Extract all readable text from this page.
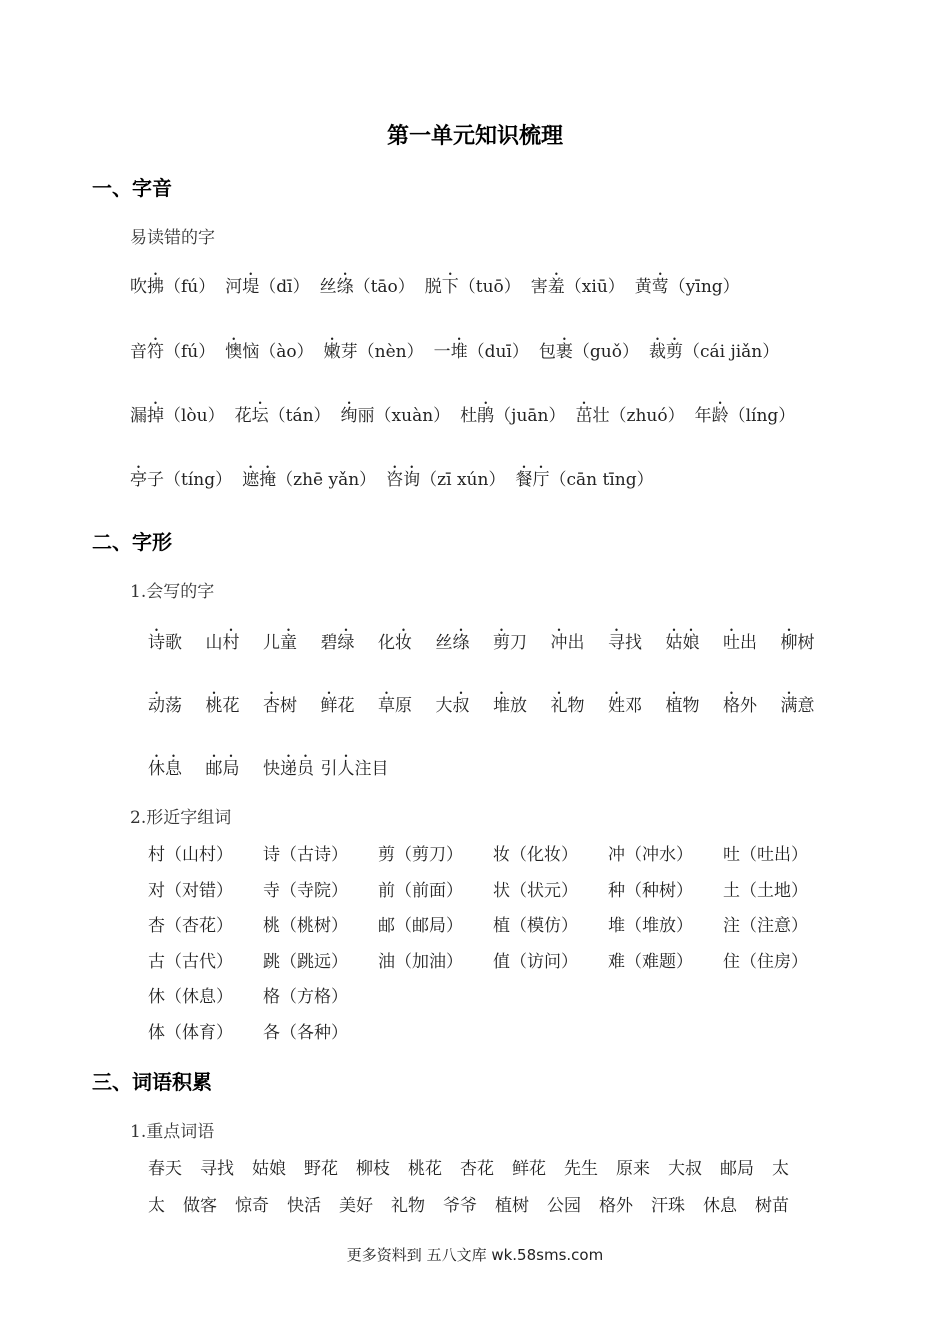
第一单元知识梳理
一、字音
易读错的字
吹拂（fú） 河堤（dī） 丝绦（tāo） 脱下（tuō） 害羞（xiū） 黄莺（yīng）
音符（fú） 懊恼（ào） 嫩芽（nèn） 一堆（duī） 包裹（guǒ） 裁剪（cái jiǎn）
漏掉（lòu） 花坛（tán） 绚丽（xuàn） 杜鹃（juān） 茁壮（zhuó） 年龄（líng）
亭子（tíng） 遮掩（zhē yǎn） 咨询（zī xún） 餐厅（cān tīng）
二、字形
1.会写的字
诗歌 山村 儿童 碧绿 化妆 丝绦 剪刀 冲出 寻找 姑娘 吐出 柳树
动荡 桃花 杏树 鲜花 草原 大叔 堆放 礼物 姓邓 植物 格外 满意
休息 邮局 快递员 引人注目
2.形近字组词
村（山村） 诗（古诗） 剪（剪刀） 妆（化妆） 冲（冲水） 吐（吐出）
对（对错） 寺（寺院） 前（前面） 状（状元） 种（种树） 土（土地）
杏（杏花） 桃（桃树） 邮（邮局） 植（模仿） 堆（堆放） 注（注意）
古（古代） 跳（跳远） 油（加油） 值（访问） 难（难题） 住（住房）
休（休息） 格（方格）
体（体育） 各（各种）
三、词语积累
1.重点词语
春天 寻找 姑娘 野花 柳枝 桃花 杏花 鲜花 先生 原来 大叔 邮局 太
太 做客 惊奇 快活 美好 礼物 爷爷 植树 公园 格外 汗珠 休息 树苗
更多资料到 五八文库 wk.58sms.com
